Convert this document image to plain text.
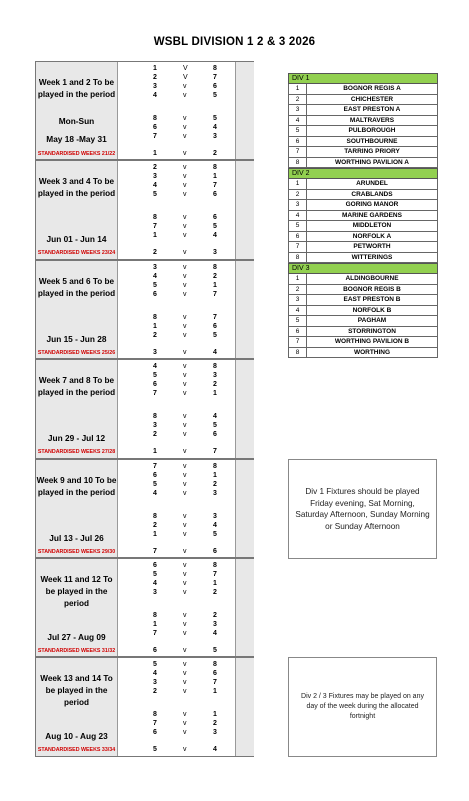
WSBL DIVISION 1 2 & 3 2026
Week 1 and 2 To be played in the period
Mon-Sun
May 18 -May 31
STANDARDISED WEEKS 21/22
1	V	8
2	V	7
3	v	6
4	v	5
8	v	5
6	v	4
7	v	3
1	v	2
Week 3 and 4 To be played in the period
Jun 01 - Jun 14
STANDARDISED WEEKS 23/24
2	v	8
3	v	1
4	v	7
5	v	6
8	v	6
7	v	5
1	v	4
2	v	3
Week 5 and 6 To be played in the period
Jun 15 - Jun 28
STANDARDISED WEEKS 25/26
3	v	8
4	v	2
5	v	1
6	v	7
8	v	7
1	v	6
2	v	5
3	v	4
Week 7 and 8 To be played in the period
Jun 29 - Jul 12
STANDARDISED WEEKS 27/28
4	v	8
5	v	3
6	v	2
7	v	1
8	v	4
3	v	5
2	v	6
1	v	7
Week 9 and 10 To be played in the period
Jul 13 - Jul 26
STANDARDISED WEEKS 29/30
7	v	8
6	v	1
5	v	2
4	v	3
8	v	3
2	v	4
1	v	5
7	v	6
Week 11 and 12 To be played in the period
Jul 27 - Aug 09
STANDARDISED WEEKS 31/32
6	v	8
5	v	7
4	v	1
3	v	2
8	v	2
1	v	3
7	v	4
6	v	5
Week 13 and 14 To be played in the period
Aug 10 - Aug 23
STANDARDISED WEEKS 33/34
5	v	8
4	v	6
3	v	7
2	v	1
8	v	1
7	v	2
6	v	3
5	v	4
DIV 1
1	BOGNOR REGIS A
2	CHICHESTER
3	EAST PRESTON A
4	MALTRAVERS
5	PULBOROUGH
6	SOUTHBOURNE
7	TARRING PRIORY
8	WORTHING PAVILION A
DIV 2
1	ARUNDEL
2	CRABLANDS
3	GORING MANOR
4	MARINE GARDENS
5	MIDDLETON
6	NORFOLK A
7	PETWORTH
8	WITTERINGS
DIV 3
1	ALDINGBOURNE
2	BOGNOR REGIS B
3	EAST PRESTON B
4	NORFOLK B
5	PAGHAM
6	STORRINGTON
7	WORTHING PAVILION B
8	WORTHING
Div 1 Fixtures should be played Friday evening, Sat Morning, Saturday Afternoon, Sunday Morning or Sunday Afternoon
Div 2 / 3 Fixtures may be played on any day of the week during the allocated fortnight
